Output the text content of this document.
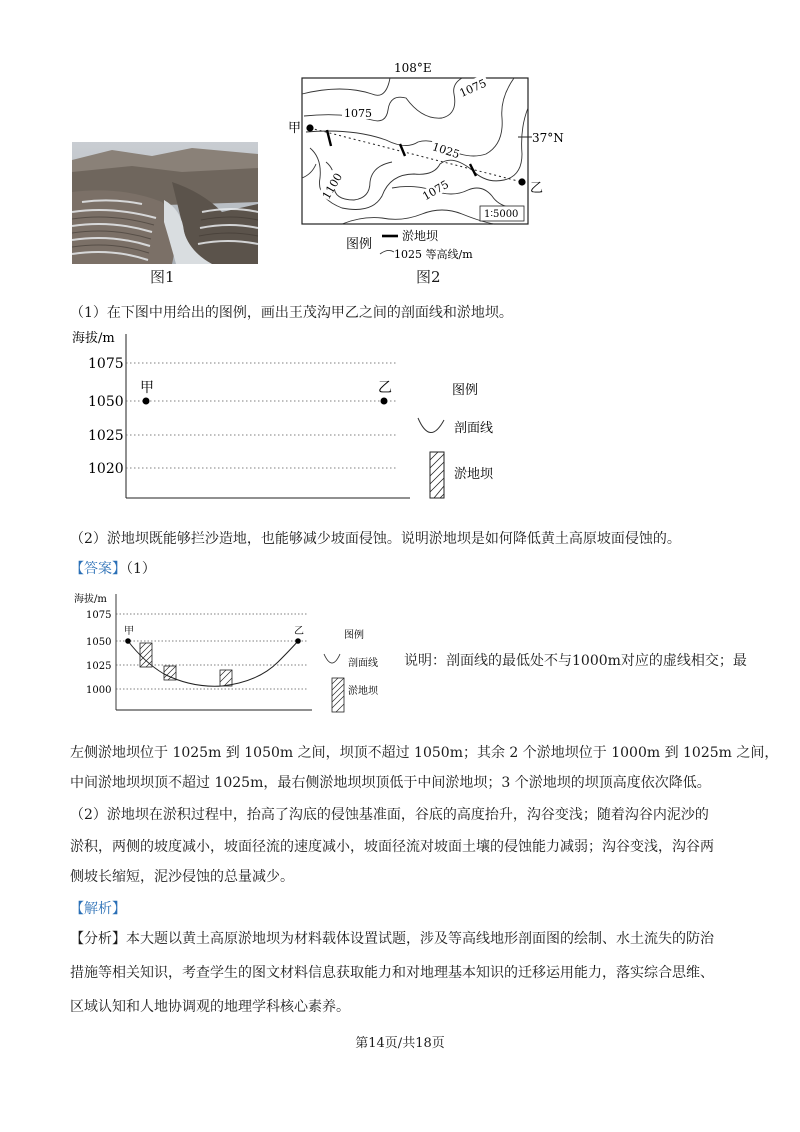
图1
108°E
37°N
1075
1075
1025
1100	1075
甲
乙
1∶5000
图例
淤地坝
1025 等高线/m
图2
（1）在下图中用给出的图例，画出王茂沟甲乙之间的剖面线和淤地坝。
海拔/m
1075
1050
1025
1020
甲	乙	图例
剖面线
淤地坝
（2）淤地坝既能够拦沙造地，也能够减少坡面侵蚀。说明淤地坝是如何降低黄土高原坡面侵蚀的。
【答案】（1）
海拔/m
1075
1050
1025
1000
甲	乙	图例
剖面线
淤地坝
说明：剖面线的最低处不与1000m对应的虚线相交；最
左侧淤地坝位于 1025m 到 1050m 之间，坝顶不超过 1050m；其余 2 个淤地坝位于 1000m 到 1025m 之间，
中间淤地坝坝顶不超过 1025m，最右侧淤地坝坝顶低于中间淤地坝；3 个淤地坝的坝顶高度依次降低。
（2）淤地坝在淤积过程中，抬高了沟底的侵蚀基准面，谷底的高度抬升，沟谷变浅；随着沟谷内泥沙的
淤积，两侧的坡度减小，坡面径流的速度减小，坡面径流对坡面土壤的侵蚀能力减弱；沟谷变浅，沟谷两
侧坡长缩短，泥沙侵蚀的总量减少。
【解析】
【分析】本大题以黄土高原淤地坝为材料载体设置试题，涉及等高线地形剖面图的绘制、水土流失的防治
措施等相关知识，考查学生的图文材料信息获取能力和对地理基本知识的迁移运用能力，落实综合思维、
区域认知和人地协调观的地理学科核心素养。
第14页/共18页
